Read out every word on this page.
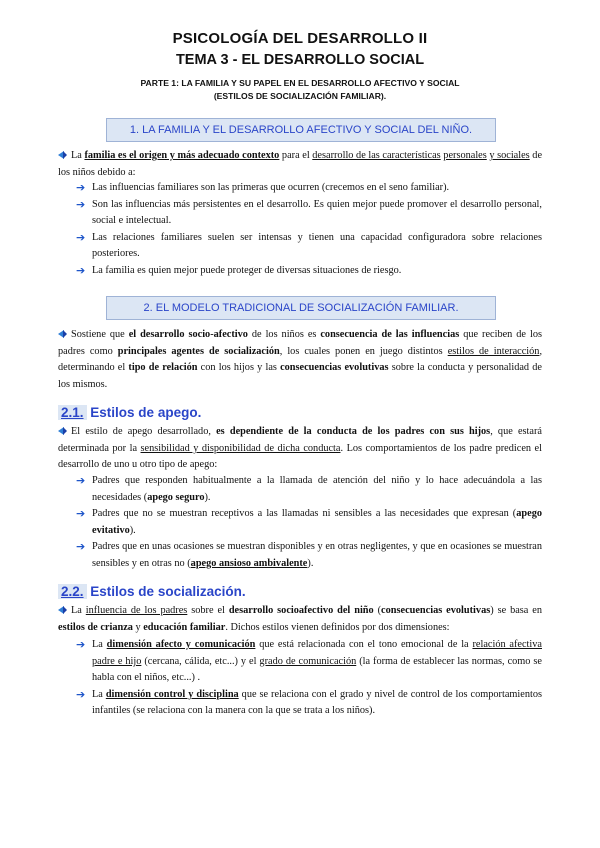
PSICOLOGÍA DEL DESARROLLO II
TEMA 3 - EL DESARROLLO SOCIAL
PARTE 1: LA FAMILIA Y SU PAPEL EN EL DESARROLLO AFECTIVO Y SOCIAL
(ESTILOS DE SOCIALIZACIÓN FAMILIAR).
1. LA FAMILIA Y EL DESARROLLO AFECTIVO Y SOCIAL DEL NIÑO.
La familia es el origen y más adecuado contexto para el desarrollo de las características personales y sociales de los niños debido a:
➔ Las influencias familiares son las primeras que ocurren (crecemos en el seno familiar).
➔ Son las influencias más persistentes en el desarrollo. Es quien mejor puede promover el desarrollo personal, social e intelectual.
➔ Las relaciones familiares suelen ser intensas y tienen una capacidad configuradora sobre relaciones posteriores.
➔ La familia es quien mejor puede proteger de diversas situaciones de riesgo.
2. EL MODELO TRADICIONAL DE SOCIALIZACIÓN FAMILIAR.
Sostiene que el desarrollo socio-afectivo de los niños es consecuencia de las influencias que reciben de los padres como principales agentes de socialización, los cuales ponen en juego distintos estilos de interacción, determinando el tipo de relación con los hijos y las consecuencias evolutivas sobre la conducta y personalidad de los mismos.
2.1. Estilos de apego.
El estilo de apego desarrollado, es dependiente de la conducta de los padres con sus hijos, que estará determinada por la sensibilidad y disponibilidad de dicha conducta. Los comportamientos de los padre predicen el desarrollo de uno u otro tipo de apego:
➔ Padres que responden habitualmente a la llamada de atención del niño y lo hace adecuándola a las necesidades (apego seguro).
➔ Padres que no se muestran receptivos a las llamadas ni sensibles a las necesidades que expresan (apego evitativo).
➔ Padres que en unas ocasiones se muestran disponibles y en otras negligentes, y que en ocasiones se muestran sensibles y en otras no (apego ansioso ambivalente).
2.2. Estilos de socialización.
La influencia de los padres sobre el desarrollo socioafectivo del niño (consecuencias evolutivas) se basa en estilos de crianza y educación familiar. Dichos estilos vienen definidos por dos dimensiones:
➔ La dimensión afecto y comunicación que está relacionada con el tono emocional de la relación afectiva padre e hijo (cercana, cálida, etc...) y el grado de comunicación (la forma de establecer las normas, como se habla con el niños, etc...) .
➔ La dimensión control y disciplina que se relaciona con el grado y nivel de control de los comportamientos infantiles (se relaciona con la manera con la que se trata a los niños).
